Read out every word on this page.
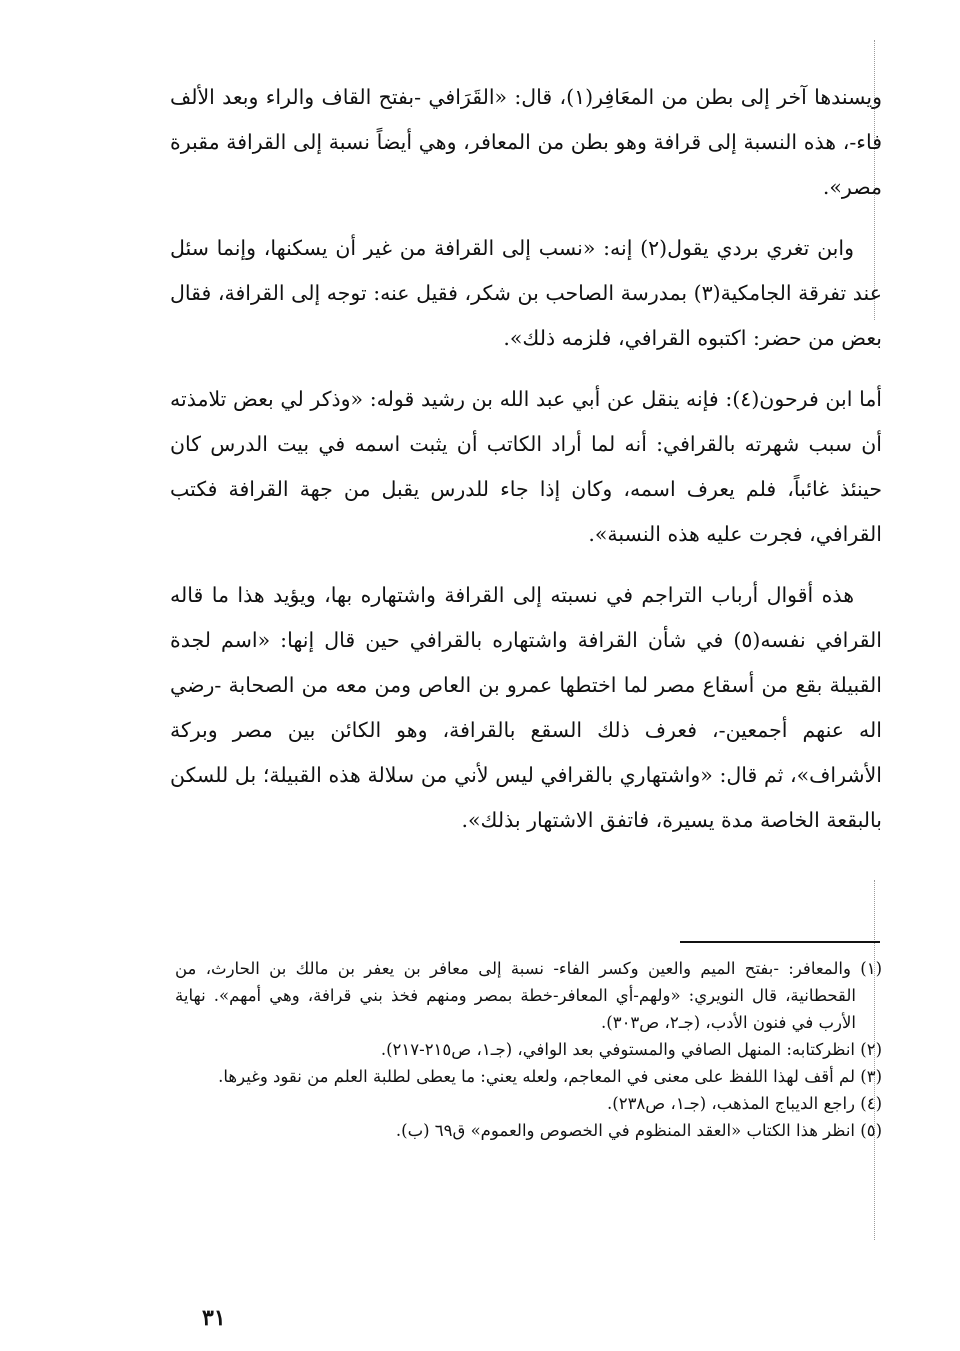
ويسندها آخر إلى بطن من المعَافِر(١)، قال: «القَرَافي -بفتح القاف والراء وبعد الألف فاء-، هذه النسبة إلى قرافة وهو بطن من المعافر، وهي أيضاً نسبة إلى القرافة مقبرة مصر».

وابن تغري بردي يقول(٢) إنه: «نسب إلى القرافة من غير أن يسكنها، وإنما سئل عند تفرقة الجامكية(٣) بمدرسة الصاحب بن شكر، فقيل عنه: توجه إلى القرافة، فقال بعض من حضر: اكتبوه القرافي، فلزمه ذلك».

أما ابن فرحون(٤): فإنه ينقل عن أبي عبد الله بن رشيد قوله: «وذكر لي بعض تلامذته أن سبب شهرته بالقرافي: أنه لما أراد الكاتب أن يثبت اسمه في بيت الدرس كان حينئذ غائباً، فلم يعرف اسمه، وكان إذا جاء للدرس يقبل من جهة القرافة فكتب القرافي، فجرت عليه هذه النسبة».

هذه أقوال أرباب التراجم في نسبته إلى القرافة واشتهاره بها، ويؤيد هذا ما قاله القرافي نفسه(٥) في شأن القرافة واشتهاره بالقرافي حين قال إنها: «اسم لجدة القبيلة بقع من أسقاع مصر لما اختطها عمرو بن العاص ومن معه من الصحابة -رضي اله عنهم أجمعين-، فعرف ذلك السقع بالقرافة، وهو الكائن بين مصر وبركة الأشراف»، ثم قال: «واشتهاري بالقرافي ليس لأني من سلالة هذه القبيلة؛ بل للسكن بالبقعة الخاصة مدة يسيرة، فاتفق الاشتهار بذلك».

(١) والمعافر: -بفتح الميم والعين وكسر الفاء- نسبة إلى معافر بن يعفر بن مالك بن الحارث، من القحطانية، قال النويري: «ولهم-أي المعافر-خطة بمصر ومنهم فخذ بني قرافة، وهي أمهم». نهاية الأرب في فنون الأدب، (جـ٢، ص٣٠٣).

(٢) انظركتابه: المنهل الصافي والمستوفي بعد الوافي، (جـ١، ص٢١٥-٢١٧).

(٣) لم أقف لهذا اللفظ على معنى في المعاجم، ولعله يعني: ما يعطى لطلبة العلم من نقود وغيرها.

(٤) راجع الديباج المذهب، (جـ١، ص٢٣٨).

(٥) انظر هذا الكتاب «العقد المنظوم في الخصوص والعموم» ق٦٩ (ب).

٣١
